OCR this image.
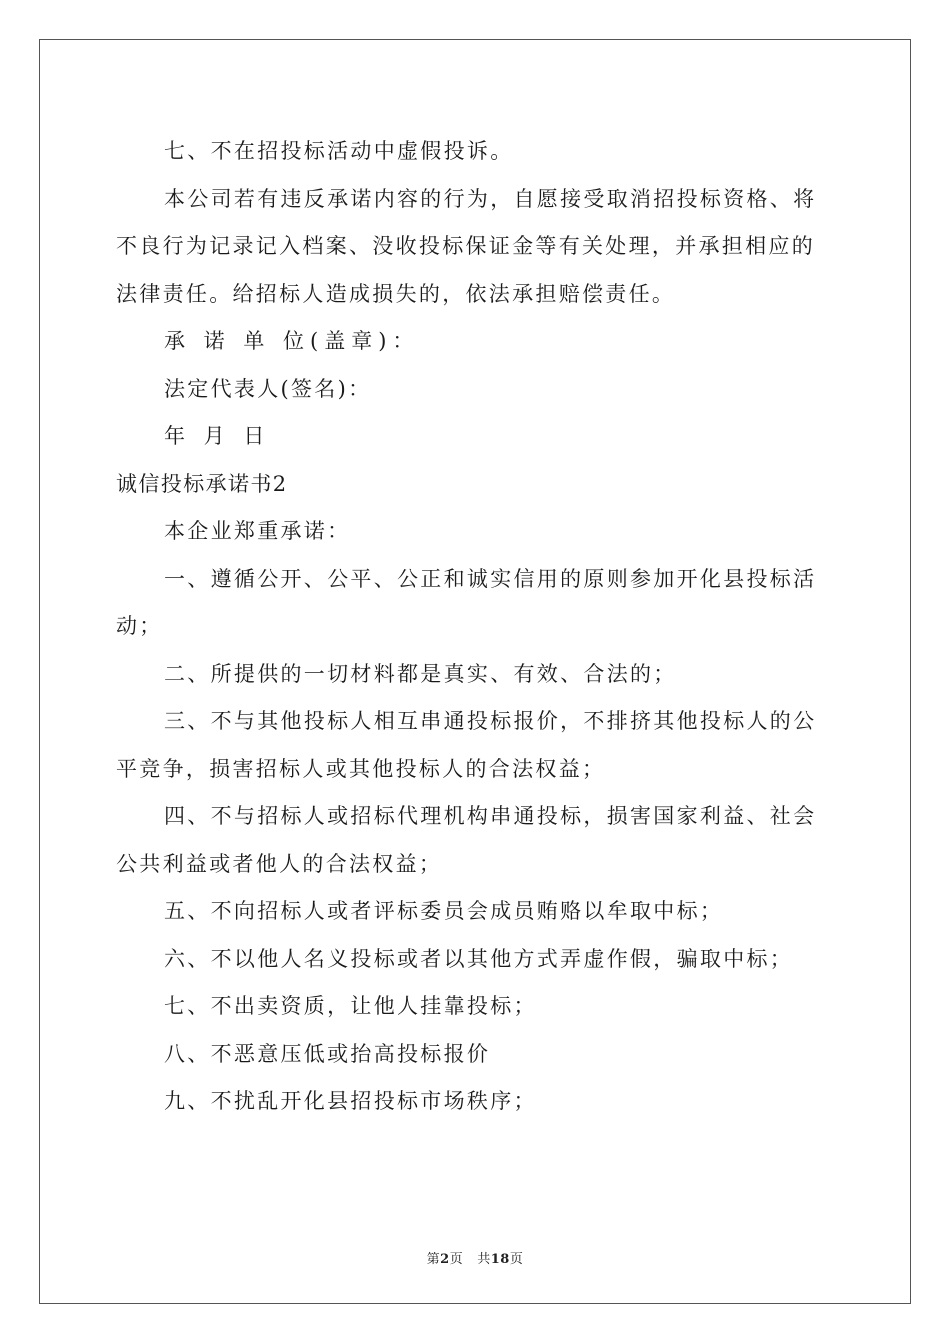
七、不在招投标活动中虚假投诉。

本公司若有违反承诺内容的行为，自愿接受取消招投标资格、将不良行为记录记入档案、没收投标保证金等有关处理，并承担相应的法律责任。给招标人造成损失的，依法承担赔偿责任。

承 诺 单 位(盖章)：

法定代表人(签名)：

年 月 日

诚信投标承诺书2

本企业郑重承诺：

一、遵循公开、公平、公正和诚实信用的原则参加开化县投标活动；

二、所提供的一切材料都是真实、有效、合法的；

三、不与其他投标人相互串通投标报价，不排挤其他投标人的公平竞争，损害招标人或其他投标人的合法权益；

四、不与招标人或招标代理机构串通投标，损害国家利益、社会公共利益或者他人的合法权益；

五、不向招标人或者评标委员会成员贿赂以牟取中标；

六、不以他人名义投标或者以其他方式弄虚作假，骗取中标；

七、不出卖资质，让他人挂靠投标；

八、不恶意压低或抬高投标报价

九、不扰乱开化县招投标市场秩序；

第2页 共18页
